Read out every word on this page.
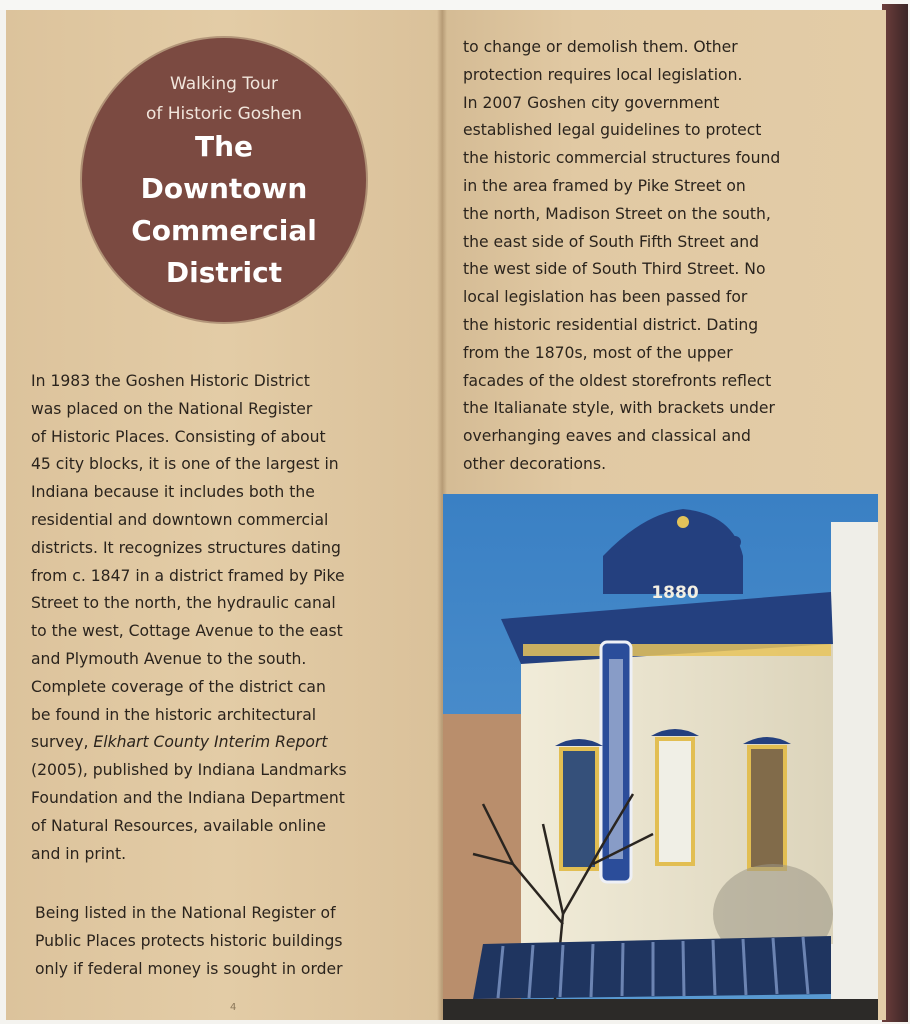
Walking Tour
of Historic Goshen
The
Downtown
Commercial
District
In 1983 the Goshen Historic District
was placed on the National Register
of Historic Places. Consisting of about
45 city blocks, it is one of the largest in
Indiana because it includes both the
residential and downtown commercial
districts. It recognizes structures dating
from c. 1847 in a district framed by Pike
Street to the north, the hydraulic canal
to the west, Cottage Avenue to the east
and Plymouth Avenue to the south.
Complete coverage of the district can
be found in the historic architectural
survey, Elkhart County Interim Report
(2005), published by Indiana Landmarks
Foundation and the Indiana Department
of Natural Resources, available online
and in print.
Being listed in the National Register of
Public Places protects historic buildings
only if federal money is sought in order
to change or demolish them. Other
protection requires local legislation.
In 2007 Goshen city government
established legal guidelines to protect
the historic commercial structures found
in the area framed by Pike Street on
the north, Madison Street on the south,
the east side of South Fifth Street and
the west side of South Third Street. No
local legislation has been passed for
the historic residential district. Dating
from the 1870s, most of the upper
facades of the oldest storefronts reflect
the Italianate style, with brackets under
overhanging eaves and classical and
other decorations.
1880
4
